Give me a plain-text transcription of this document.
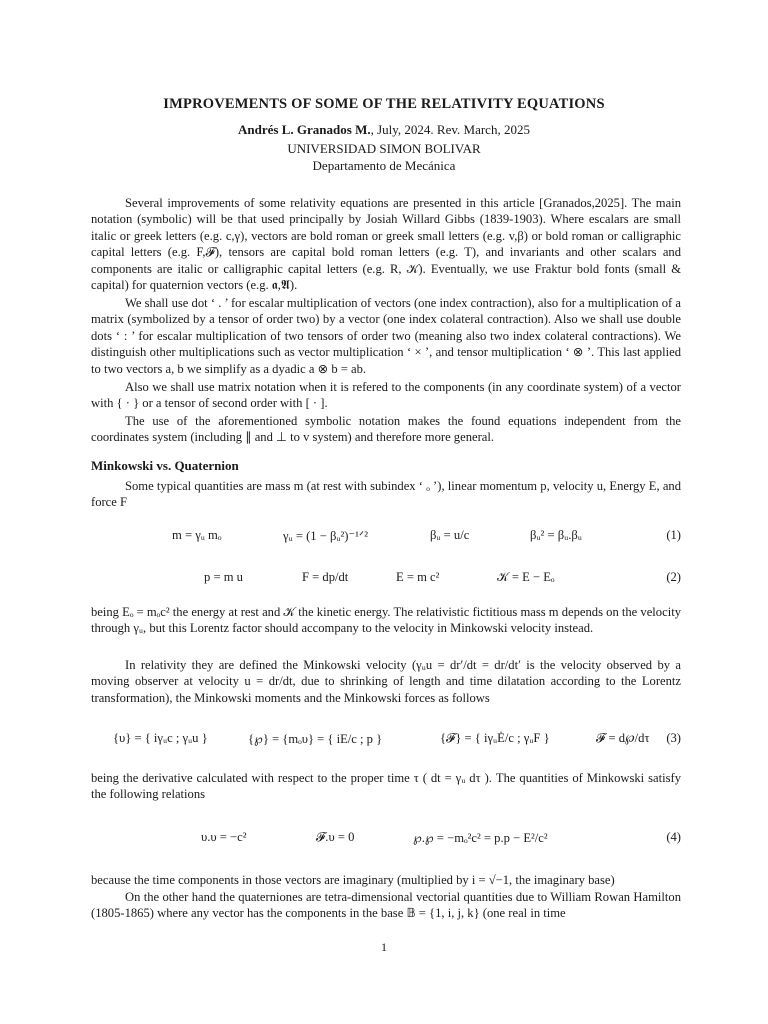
IMPROVEMENTS OF SOME OF THE RELATIVITY EQUATIONS
Andrés L. Granados M., July, 2024. Rev. March, 2025
UNIVERSIDAD SIMON BOLIVAR
Departamento de Mecánica

Several improvements of some relativity equations are presented in this article [Granados,2025]. The main notation (symbolic) will be that used principally by Josiah Willard Gibbs (1839-1903). Where escalars are small italic or greek letters (e.g. c,γ), vectors are bold roman or greek small letters (e.g. v,β) or bold roman or calligraphic capital letters (e.g. F,𝓕), tensors are capital bold roman letters (e.g. T), and invariants and other scalars and components are italic or calligraphic capital letters (e.g. R, 𝒦). Eventually, we use Fraktur bold fonts (small & capital) for quaternion vectors (e.g. 𝖆,𝕬).

We shall use dot ‘ . ’ for escalar multiplication of vectors (one index contraction), also for a multiplication of a matrix (symbolized by a tensor of order two) by a vector (one index colateral contraction). Also we shall use double dots ‘ : ’ for escalar multiplication of two tensors of order two (meaning also two index colateral contractions). We distinguish other multiplications such as vector multiplication ‘ × ’, and tensor multiplication ‘ ⊗ ’. This last applied to two vectors a, b we simplify as a dyadic a ⊗ b = ab.

Also we shall use matrix notation when it is refered to the components (in any coordinate system) of a vector with { · } or a tensor of second order with [ · ].

The use of the aforementioned symbolic notation makes the found equations independent from the coordinates system (including ∥ and ⊥ to v system) and therefore more general.

Minkowski vs. Quaternion

Some typical quantities are mass m (at rest with subindex ‘ ₒ ’), linear momentum p, velocity u, Energy E, and force F

m = γᵤ mₒ	γᵤ = (1 − βᵤ²)⁻¹ᐟ²	βᵤ = u/c	βᵤ² = βᵤ.βᵤ	(1)
p = m u	F = dp/dt	E = m c²	𝒦 = E − Eₒ	(2)

being Eₒ = mₒc² the energy at rest and 𝒦 the kinetic energy. The relativistic fictitious mass m depends on the velocity through γᵤ, but this Lorentz factor should accompany to the velocity in Minkowski velocity instead.

In relativity they are defined the Minkowski velocity (γᵤu = dr′/dt = dr/dt′ is the velocity observed by a moving observer at velocity u = dr/dt, due to shrinking of length and time dilatation according to the Lorentz transformation), the Minkowski moments and the Minkowski forces as follows

{υ} = { iγᵤc ; γᵤu }	{℘} = {mₒυ} = { iE/c ; p }	{𝓕} = { iγᵤĖ/c ; γᵤF }	𝓕 = d℘/dτ (3)

being the derivative calculated with respect to the proper time τ ( dt = γᵤ dτ ). The quantities of Minkowski satisfy the following relations

υ.υ = −c²	𝓕.υ = 0	℘.℘ = −mₒ²c² = p.p − E²/c²	(4)

because the time components in those vectors are imaginary (multiplied by i = √−1, the imaginary base)

On the other hand the quaterniones are tetra-dimensional vectorial quantities due to William Rowan Hamilton (1805-1865) where any vector has the components in the base 𝔹 = {1, i, j, k} (one real in time

1
